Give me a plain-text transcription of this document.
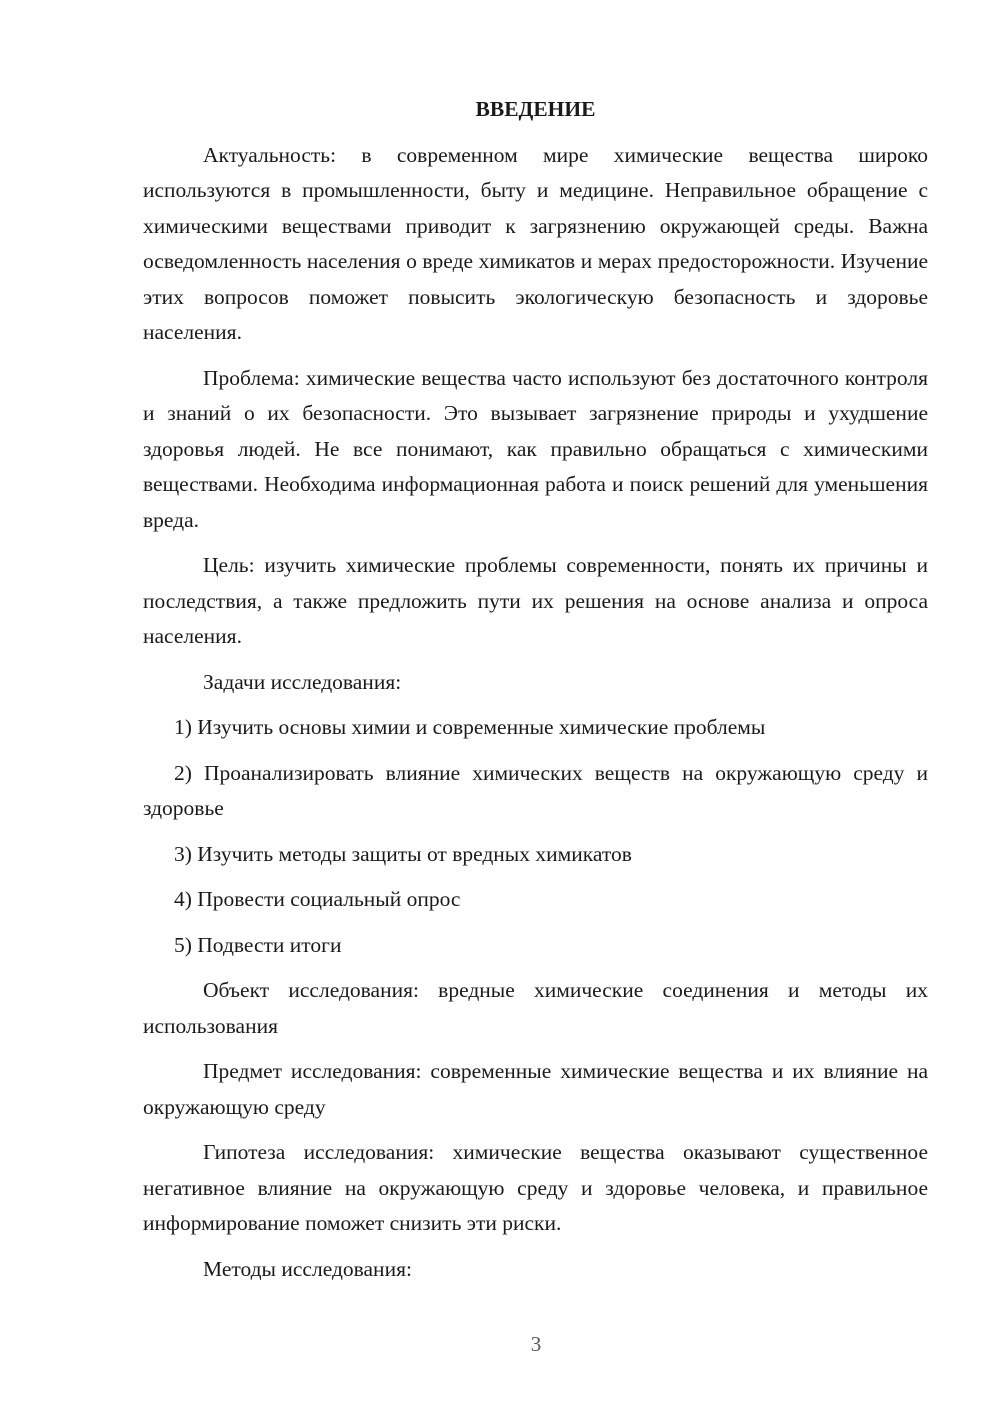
ВВЕДЕНИЕ

Актуальность: в современном мире химические вещества широко используются в промышленности, быту и медицине. Неправильное обращение с химическими веществами приводит к загрязнению окружающей среды. Важна осведомленность населения о вреде химикатов и мерах предосторожности. Изучение этих вопросов поможет повысить экологическую безопасность и здоровье населения.

Проблема: химические вещества часто используют без достаточного контроля и знаний о их безопасности. Это вызывает загрязнение природы и ухудшение здоровья людей. Не все понимают, как правильно обращаться с химическими веществами. Необходима информационная работа и поиск решений для уменьшения вреда.

Цель: изучить химические проблемы современности, понять их причины и последствия, а также предложить пути их решения на основе анализа и опроса населения.

Задачи исследования:

1) Изучить основы химии и современные химические проблемы

2) Проанализировать влияние химических веществ на окружающую среду и здоровье

3) Изучить методы защиты от вредных химикатов

4) Провести социальный опрос

5) Подвести итоги

Объект исследования: вредные химические соединения и методы их использования

Предмет исследования: современные химические вещества и их влияние на окружающую среду

Гипотеза исследования: химические вещества оказывают существенное негативное влияние на окружающую среду и здоровье человека, и правильное информирование поможет снизить эти риски.

Методы исследования:

3
